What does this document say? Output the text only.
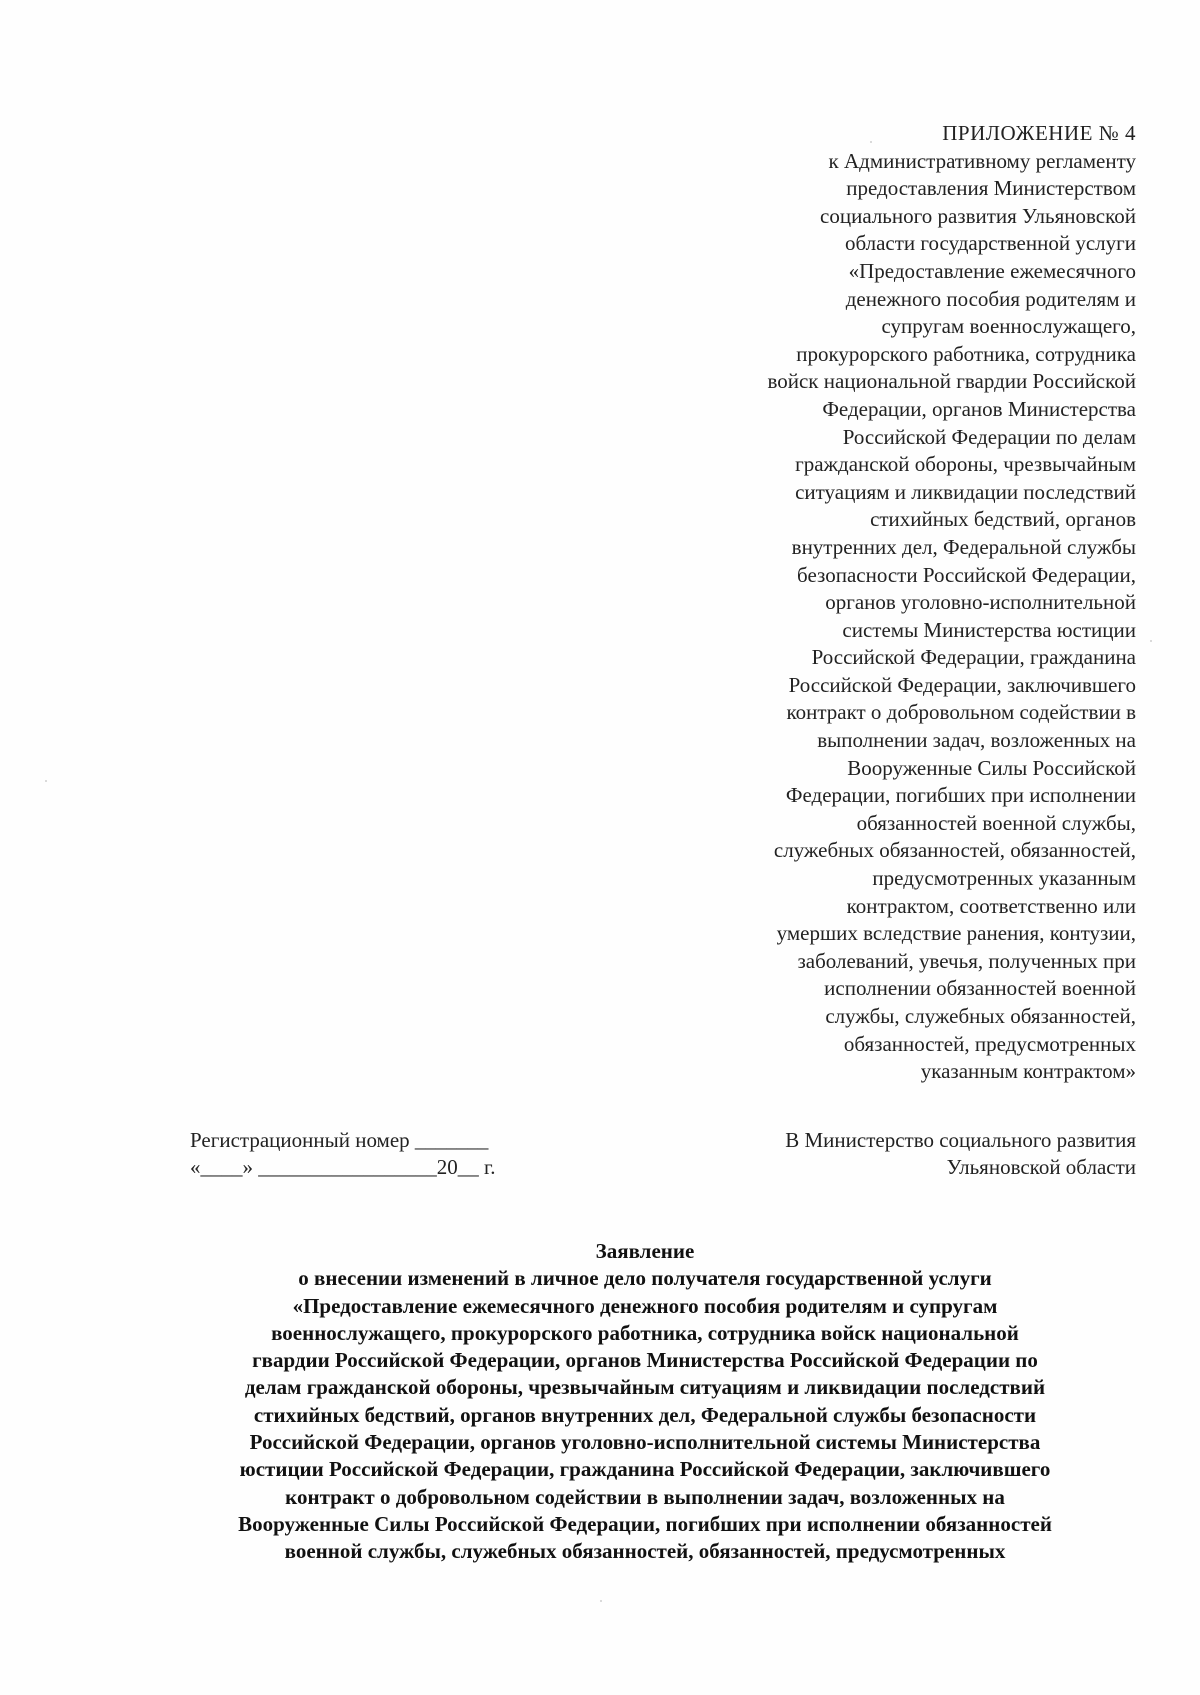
ПРИЛОЖЕНИЕ № 4
к Административному регламенту
предоставления Министерством
социального развития Ульяновской
области государственной услуги
«Предоставление ежемесячного
денежного пособия родителям и
супругам военнослужащего,
прокурорского работника, сотрудника
войск национальной гвардии Российской
Федерации, органов Министерства
Российской Федерации по делам
гражданской обороны, чрезвычайным
ситуациям и ликвидации последствий
стихийных бедствий, органов
внутренних дел, Федеральной службы
безопасности Российской Федерации,
органов уголовно-исполнительной
системы Министерства юстиции
Российской Федерации, гражданина
Российской Федерации, заключившего
контракт о добровольном содействии в
выполнении задач, возложенных на
Вооруженные Силы Российской
Федерации, погибших при исполнении
обязанностей военной службы,
служебных обязанностей, обязанностей,
предусмотренных указанным
контрактом, соответственно или
умерших вследствие ранения, контузии,
заболеваний, увечья, полученных при
исполнении обязанностей военной
службы, служебных обязанностей,
обязанностей, предусмотренных
указанным контрактом»
Регистрационный номер _______
«____» _________________20__ г.
В Министерство социального развития
Ульяновской области
Заявление
о внесении изменений в личное дело получателя государственной услуги
«Предоставление ежемесячного денежного пособия родителям и супругам
военнослужащего, прокурорского работника, сотрудника войск национальной
гвардии Российской Федерации, органов Министерства Российской Федерации по
делам гражданской обороны, чрезвычайным ситуациям и ликвидации последствий
стихийных бедствий, органов внутренних дел, Федеральной службы безопасности
Российской Федерации, органов уголовно-исполнительной системы Министерства
юстиции Российской Федерации, гражданина Российской Федерации, заключившего
контракт о добровольном содействии в выполнении задач, возложенных на
Вооруженные Силы Российской Федерации, погибших при исполнении обязанностей
военной службы, служебных обязанностей, обязанностей, предусмотренных
